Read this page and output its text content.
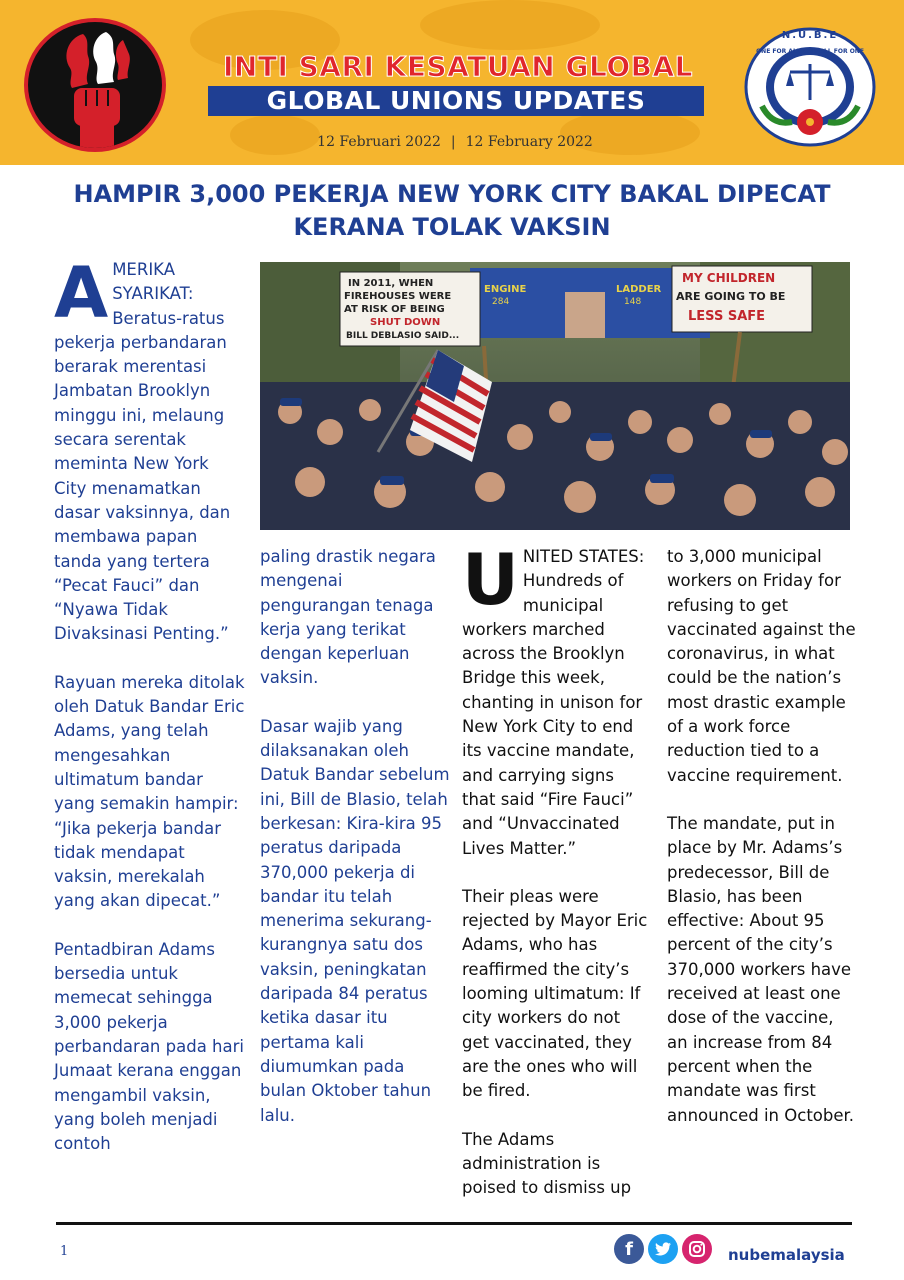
INTI SARI KESATUAN GLOBAL
GLOBAL UNIONS UPDATES
12 Februari 2022 | 12 February 2022
N.U.B.E
ONE FOR ALL AND ALL FOR ONE
HAMPIR 3,000 PEKERJA NEW YORK CITY BAKAL DIPECAT
KERANA TOLAK VAKSIN
ENGINE
284
LADDER
148
IN 2011, WHEN
FIREHOUSES WERE
AT RISK OF BEING
SHUT DOWN
BILL DEBLASIO SAID...
MY CHILDREN
ARE GOING TO BE
LESS SAFE

AMERIKA SYARIKAT: Beratus-ratus pekerja perbandaran berarak merentasi Jambatan Brooklyn minggu ini, melaung secara serentak meminta New York City menamatkan dasar vaksinnya, dan membawa papan tanda yang tertera “Pecat Fauci” dan “Nyawa Tidak Divaksinasi Penting.”

Rayuan mereka ditolak oleh Datuk Bandar Eric Adams, yang telah mengesahkan ultimatum bandar yang semakin hampir: “Jika pekerja bandar tidak mendapat vaksin, merekalah yang akan dipecat.”

Pentadbiran Adams bersedia untuk memecat sehingga 3,000 pekerja perbandaran pada hari Jumaat kerana enggan mengambil vaksin, yang boleh menjadi contoh

paling drastik negara mengenai pengurangan tenaga kerja yang terikat dengan keperluan vaksin.

Dasar wajib yang dilaksanakan oleh Datuk Bandar sebelum ini, Bill de Blasio, telah berkesan: Kira-kira 95 peratus daripada 370,000 pekerja di bandar itu telah menerima sekurang-kurangnya satu dos vaksin, peningkatan daripada 84 peratus ketika dasar itu pertama kali diumumkan pada bulan Oktober tahun lalu.

UNITED STATES: Hundreds of municipal workers marched across the Brooklyn Bridge this week, chanting in unison for New York City to end its vaccine mandate, and carrying signs that said “Fire Fauci” and “Unvaccinated Lives Matter.”

Their pleas were rejected by Mayor Eric Adams, who has reaffirmed the city’s looming ultimatum: If city workers do not get vaccinated, they are the ones who will be fired.

The Adams administration is poised to dismiss up

to 3,000 municipal workers on Friday for refusing to get vaccinated against the coronavirus, in what could be the nation’s most drastic example of a work force reduction tied to a vaccine requirement.

The mandate, put in place by Mr. Adams’s predecessor, Bill de Blasio, has been effective: About 95 percent of the city’s 370,000 workers have received at least one dose of the vaccine, an increase from 84 percent when the mandate was first announced in October.

1	f	nubemalaysia
